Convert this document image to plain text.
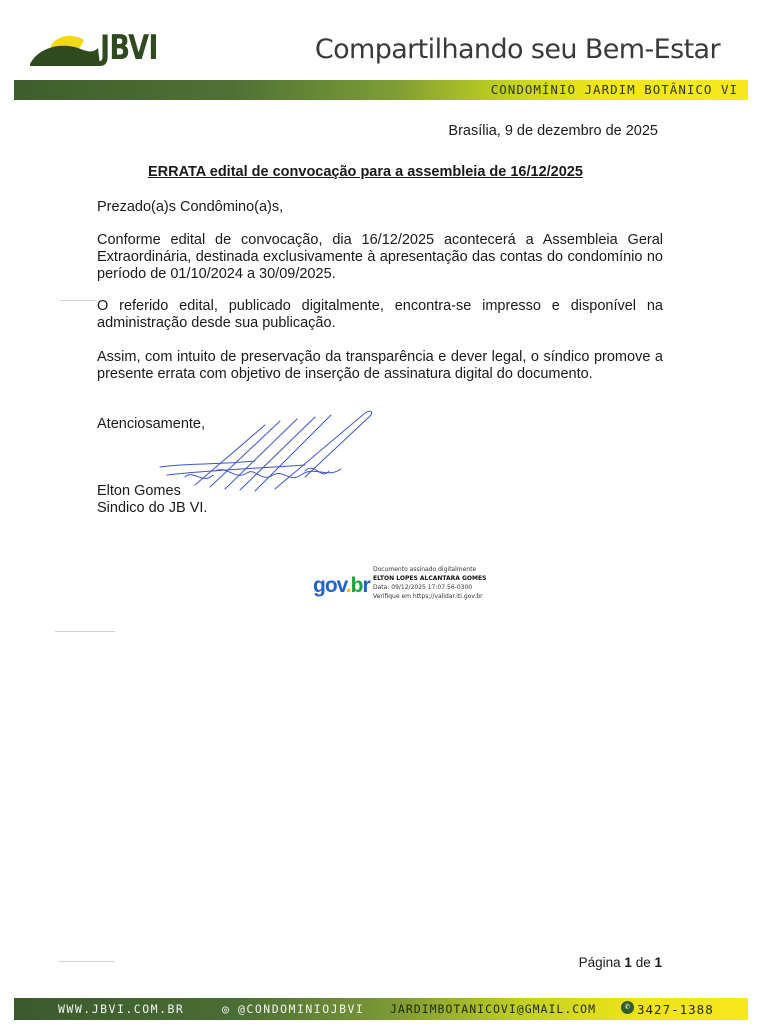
JBVI	Compartilhando seu Bem-Estar
CONDOMÍNIO JARDIM BOTÂNICO VI
Brasília, 9 de dezembro de 2025
ERRATA edital de convocação para a assembleia de 16/12/2025

Prezado(a)s Condômino(a)s,

Conforme edital de convocação, dia 16/12/2025 acontecerá a Assembleia Geral Extraordinária, destinada exclusivamente à apresentação das contas do condomínio no período de 01/10/2024 a 30/09/2025.

O referido edital, publicado digitalmente, encontra-se impresso e disponível na administração desde sua publicação.

Assim, com intuito de preservação da transparência e dever legal, o síndico promove a presente errata com objetivo de inserção de assinatura digital do documento.

Atenciosamente,

Elton Gomes

Sindico do JB VI.

gov.br
Documento assinado digitalmente
ELTON LOPES ALCANTARA GOMES
Data: 09/12/2025 17:07:56-0300
Verifique em https://validar.iti.gov.br
Página 1 de 1
WWW.JBVI.COM.BR	◎ @CONDOMINIOJBVI JARDIMBOTANICOVI@GMAIL.COM	✆ 3427-1388
